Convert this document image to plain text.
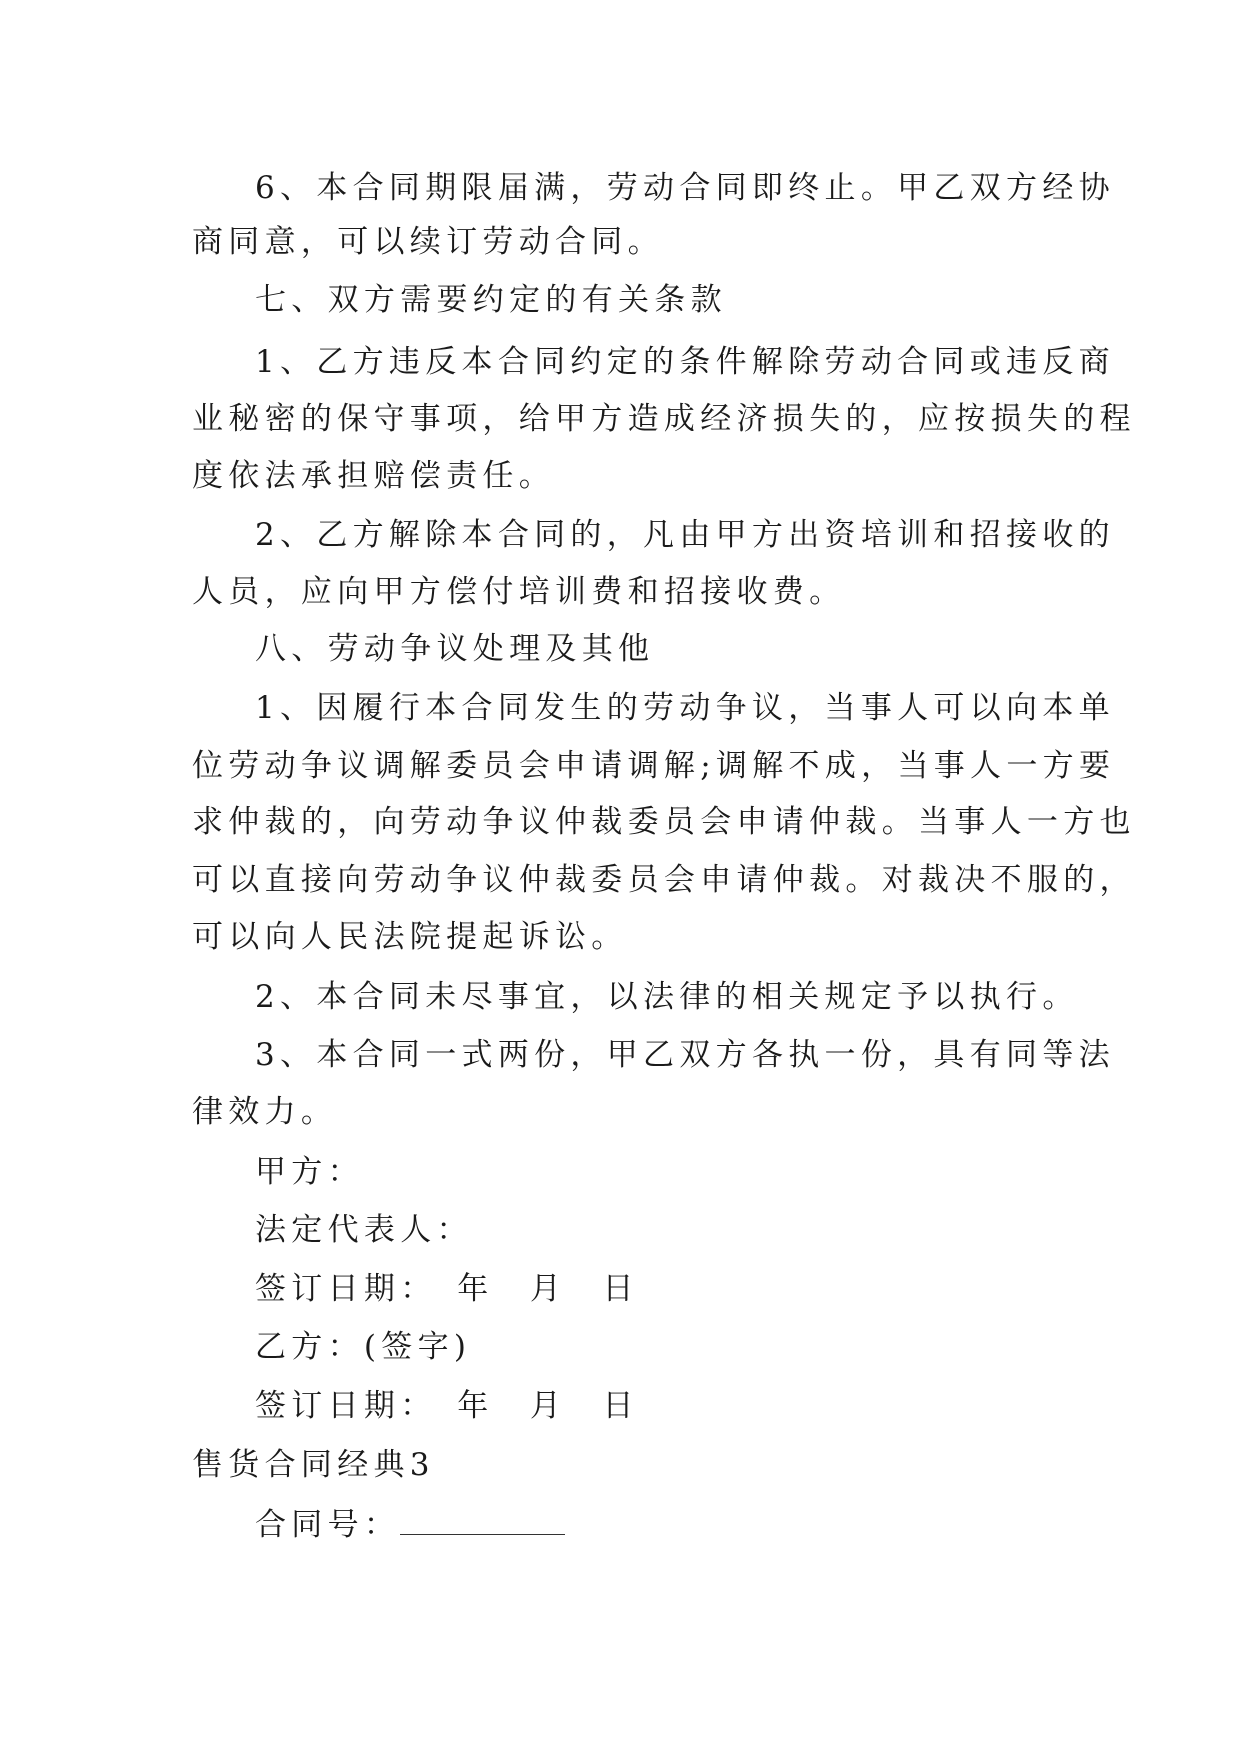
6、本合同期限届满，劳动合同即终止。甲乙双方经协
商同意，可以续订劳动合同。
七、双方需要约定的有关条款
1、乙方违反本合同约定的条件解除劳动合同或违反商
业秘密的保守事项，给甲方造成经济损失的，应按损失的程
度依法承担赔偿责任。
2、乙方解除本合同的，凡由甲方出资培训和招接收的
人员，应向甲方偿付培训费和招接收费。
八、劳动争议处理及其他
1、因履行本合同发生的劳动争议，当事人可以向本单
位劳动争议调解委员会申请调解;调解不成，当事人一方要
求仲裁的，向劳动争议仲裁委员会申请仲裁。当事人一方也
可以直接向劳动争议仲裁委员会申请仲裁。对裁决不服的，
可以向人民法院提起诉讼。
2、本合同未尽事宜，以法律的相关规定予以执行。
3、本合同一式两份，甲乙双方各执一份，具有同等法
律效力。
甲方：
法定代表人：
签订日期：　年　月　日
乙方：(签字)
签订日期：　年　月　日
售货合同经典3
合同号：
